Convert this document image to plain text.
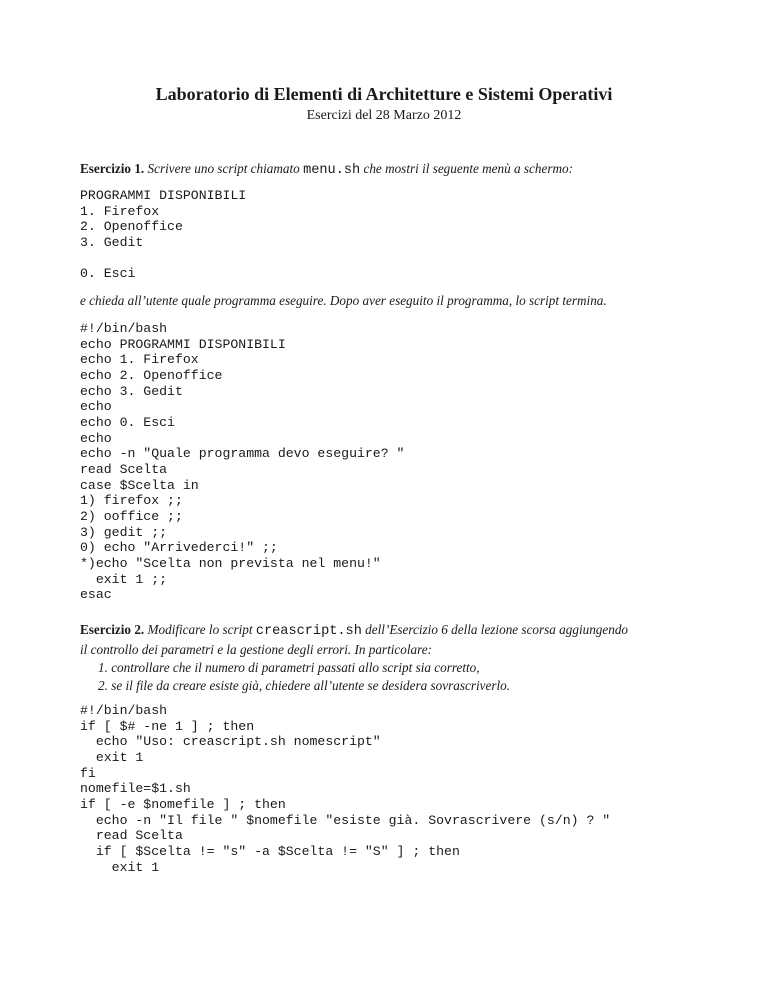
Laboratorio di Elementi di Architetture e Sistemi Operativi
Esercizi del 28 Marzo 2012
Esercizio 1. Scrivere uno script chiamato menu.sh che mostri il seguente menù a schermo:
PROGRAMMI DISPONIBILI
1. Firefox
2. Openoffice
3. Gedit

0. Esci
e chieda all’utente quale programma eseguire. Dopo aver eseguito il programma, lo script termina.
#!/bin/bash
echo PROGRAMMI DISPONIBILI
echo 1. Firefox
echo 2. Openoffice
echo 3. Gedit
echo
echo 0. Esci
echo
echo -n "Quale programma devo eseguire? "
read Scelta
case $Scelta in
1) firefox ;;
2) ooffice ;;
3) gedit ;;
0) echo "Arrivederci!" ;;
*)echo "Scelta non prevista nel menu!"
exit 1 ;;
esac
Esercizio 2. Modificare lo script creascript.sh dell’Esercizio 6 della lezione scorsa aggiungendo
il controllo dei parametri e la gestione degli errori. In particolare:
1. controllare che il numero di parametri passati allo script sia corretto,
2. se il file da creare esiste già, chiedere all’utente se desidera sovrascriverlo.
#!/bin/bash
if [ $# -ne 1 ] ; then
echo "Uso: creascript.sh nomescript"
exit 1
fi
nomefile=$1.sh
if [ -e $nomefile ] ; then
echo -n "Il file " $nomefile "esiste già. Sovrascrivere (s/n) ? "
read Scelta
if [ $Scelta != "s" -a $Scelta != "S" ] ; then
exit 1
